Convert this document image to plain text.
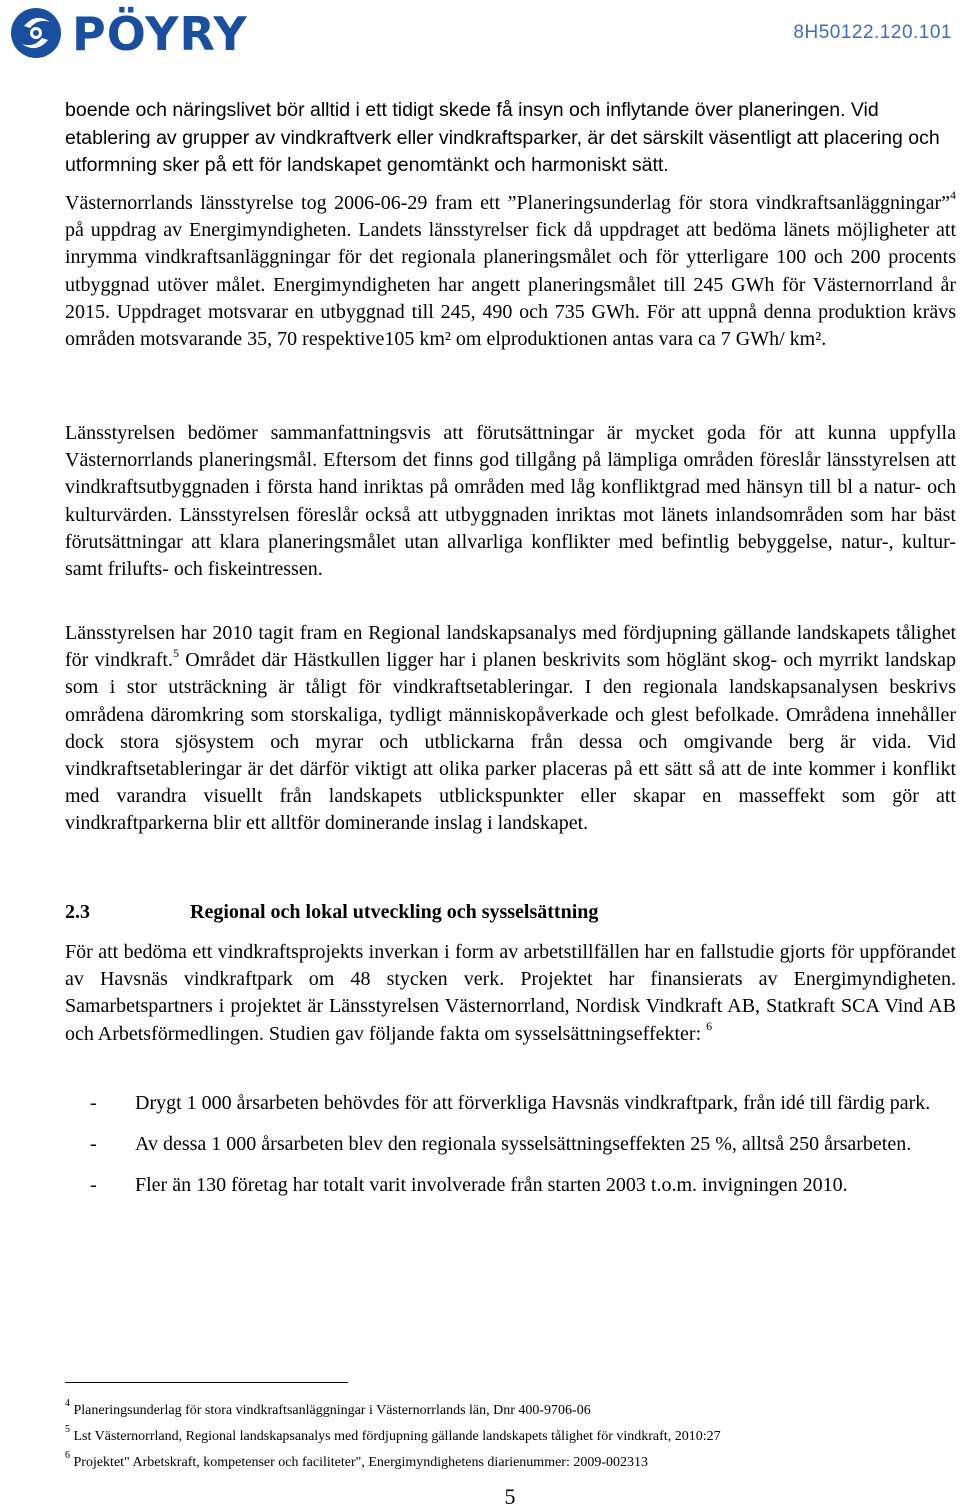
PÖYRY	8H50122.120.101

boende och näringslivet bör alltid i ett tidigt skede få insyn och inflytande över planeringen. Vid etablering av grupper av vindkraftverk eller vindkraftsparker, är det särskilt väsentligt att placering och utformning sker på ett för landskapet genomtänkt och harmoniskt sätt.

Västernorrlands länsstyrelse tog 2006-06-29 fram ett ”Planeringsunderlag för stora vindkraftsanläggningar”$^4$ på uppdrag av Energimyndigheten. Landets länsstyrelser fick då uppdraget att bedöma länets möjligheter att inrymma vindkraftsanläggningar för det regionala planeringsmålet och för ytterligare 100 och 200 procents utbyggnad utöver målet. Energimyndigheten har angett planeringsmålet till 245 GWh för Västernorrland år 2015. Uppdraget motsvarar en utbyggnad till 245, 490 och 735 GWh. För att uppnå denna produktion krävs områden motsvarande 35, 70 respektive105 km² om elproduktionen antas vara ca 7 GWh/ km².

Länsstyrelsen bedömer sammanfattningsvis att förutsättningar är mycket goda för att kunna uppfylla Västernorrlands planeringsmål. Eftersom det finns god tillgång på lämpliga områden föreslår länsstyrelsen att vindkraftsutbyggnaden i första hand inriktas på områden med låg konfliktgrad med hänsyn till bl a natur- och kulturvärden. Länsstyrelsen föreslår också att utbyggnaden inriktas mot länets inlandsområden som har bäst förutsättningar att klara planeringsmålet utan allvarliga konflikter med befintlig bebyggelse, natur-, kultur- samt frilufts- och fiskeintressen.

Länsstyrelsen har 2010 tagit fram en Regional landskapsanalys med fördjupning gällande landskapets tålighet för vindkraft.$^5$ Området där Hästkullen ligger har i planen beskrivits som höglänt skog- och myrrikt landskap som i stor utsträckning är tåligt för vindkraftsetableringar. I den regionala landskapsanalysen beskrivs områdena däromkring som storskaliga, tydligt människopåverkade och glest befolkade. Områdena innehåller dock stora sjösystem och myrar och utblickarna från dessa och omgivande berg är vida. Vid vindkraftsetableringar är det därför viktigt att olika parker placeras på ett sätt så att de inte kommer i konflikt med varandra visuellt från landskapets utblickspunkter eller skapar en masseffekt som gör att vindkraftparkerna blir ett alltför dominerande inslag i landskapet.

2.3	Regional och lokal utveckling och sysselsättning

För att bedöma ett vindkraftsprojekts inverkan i form av arbetstillfällen har en fallstudie gjorts för uppförandet av Havsnäs vindkraftpark om 48 stycken verk. Projektet har finansierats av Energimyndigheten. Samarbetspartners i projektet är Länsstyrelsen Västernorrland, Nordisk Vindkraft AB, Statkraft SCA Vind AB och Arbetsförmedlingen. Studien gav följande fakta om sysselsättningseffekter: $^6$

- Drygt 1 000 årsarbeten behövdes för att förverkliga Havsnäs vindkraftpark, från idé till färdig park.
- Av dessa 1 000 årsarbeten blev den regionala sysselsättningseffekten 25 %, alltså 250 årsarbeten.
- Fler än 130 företag har totalt varit involverade från starten 2003 t.o.m. invigningen 2010.
$^4$ Planeringsunderlag för stora vindkraftsanläggningar i Västernorrlands län, Dnr 400-9706-06
$^5$ Lst Västernorrland, Regional landskapsanalys med fördjupning gällande landskapets tålighet för vindkraft, 2010:27
$^6$ Projektet" Arbetskraft, kompetenser och faciliteter", Energimyndighetens diarienummer: 2009-002313
5
